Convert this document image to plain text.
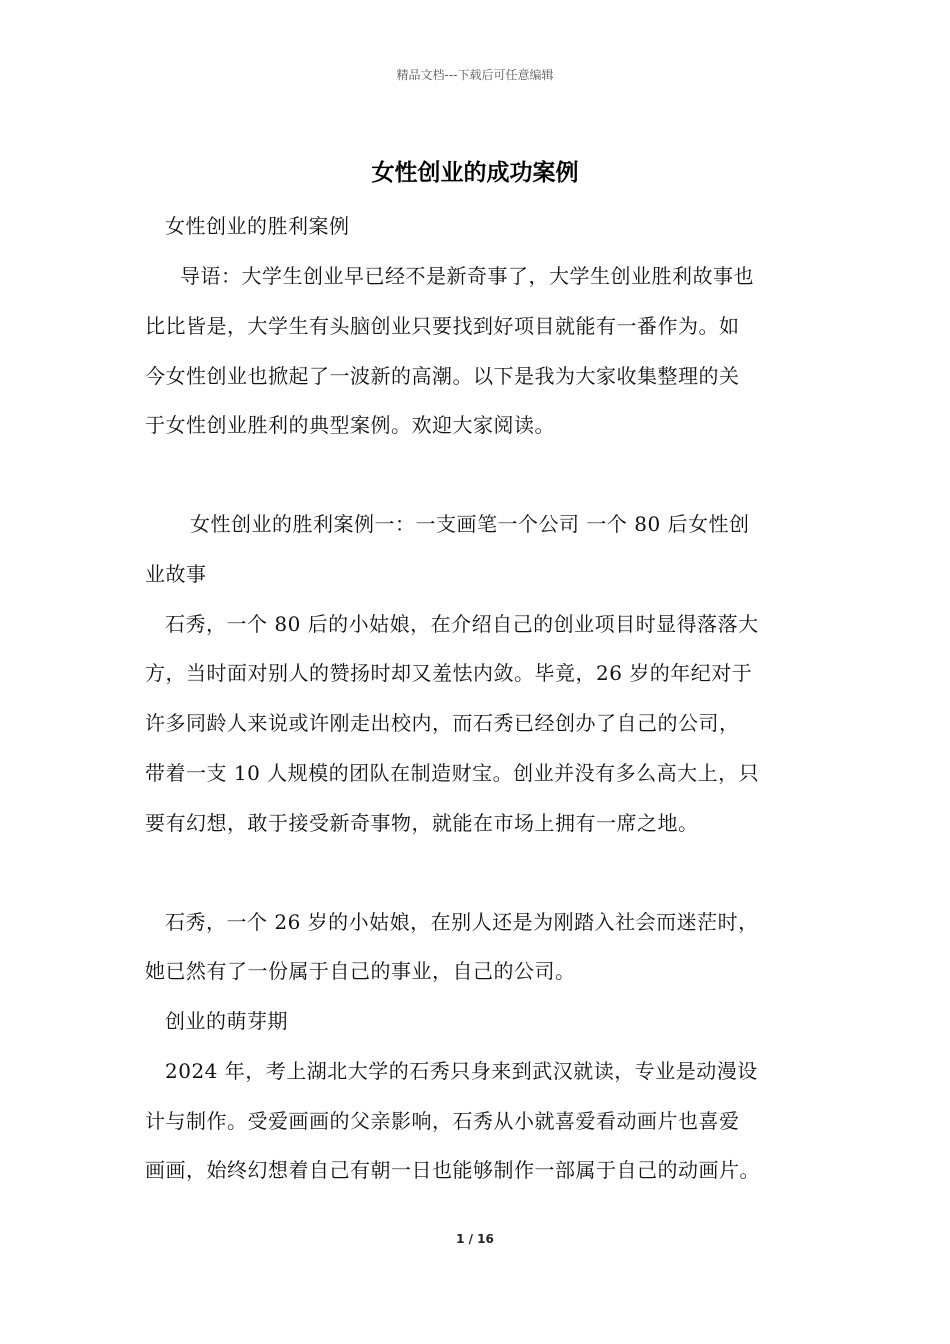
精品文档---下载后可任意编辑
女性创业的成功案例
女性创业的胜利案例
导语：大学生创业早已经不是新奇事了，大学生创业胜利故事也
比比皆是，大学生有头脑创业只要找到好项目就能有一番作为。如
今女性创业也掀起了一波新的高潮。以下是我为大家收集整理的关
于女性创业胜利的典型案例。欢迎大家阅读。
女性创业的胜利案例一：一支画笔一个公司 一个 80 后女性创
业故事
石秀，一个 80 后的小姑娘，在介绍自己的创业项目时显得落落大
方，当时面对别人的赞扬时却又羞怯内敛。毕竟，26 岁的年纪对于
许多同龄人来说或许刚走出校内，而石秀已经创办了自己的公司，
带着一支 10 人规模的团队在制造财宝。创业并没有多么高大上，只
要有幻想，敢于接受新奇事物，就能在市场上拥有一席之地。
石秀，一个 26 岁的小姑娘，在别人还是为刚踏入社会而迷茫时，
她已然有了一份属于自己的事业，自己的公司。
创业的萌芽期
2024 年，考上湖北大学的石秀只身来到武汉就读，专业是动漫设
计与制作。受爱画画的父亲影响，石秀从小就喜爱看动画片也喜爱
画画，始终幻想着自己有朝一日也能够制作一部属于自己的动画片。
1 / 16
